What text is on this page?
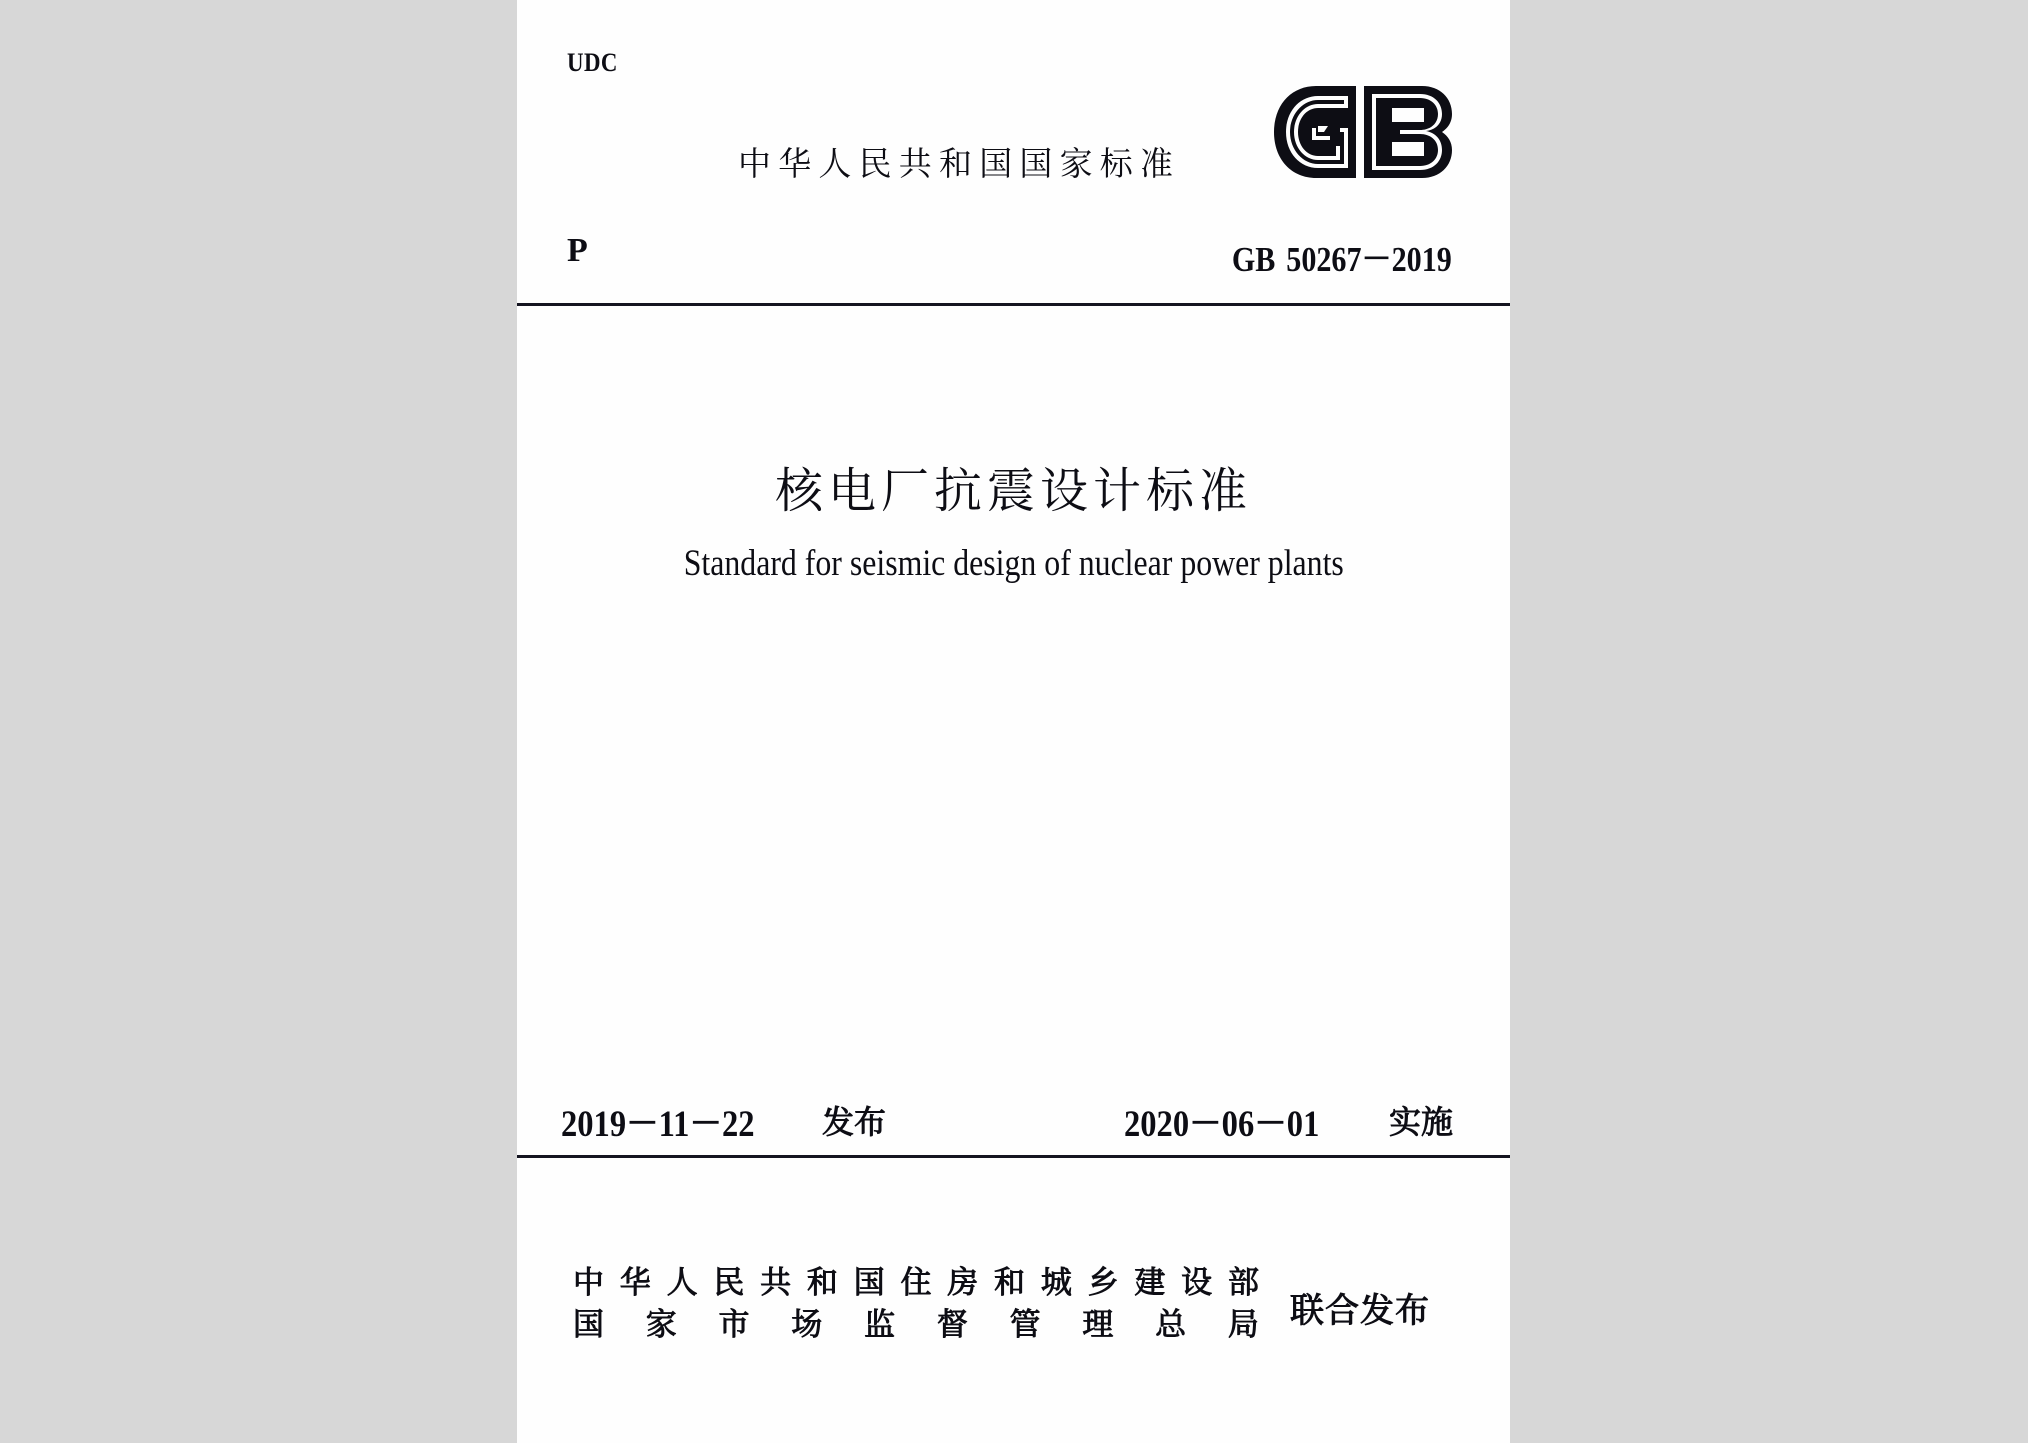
UDC
中华人民共和国国家标准
P	GB 50267－2019
核电厂抗震设计标准
Standard for seismic design of nuclear power plants
2019－11－22 发布	2020－06－01 实施
中 华 人 民 共 和 国 住 房 和 城 乡 建 设 部
国 家 市 场 监 督 管 理 总 局 联合发布
